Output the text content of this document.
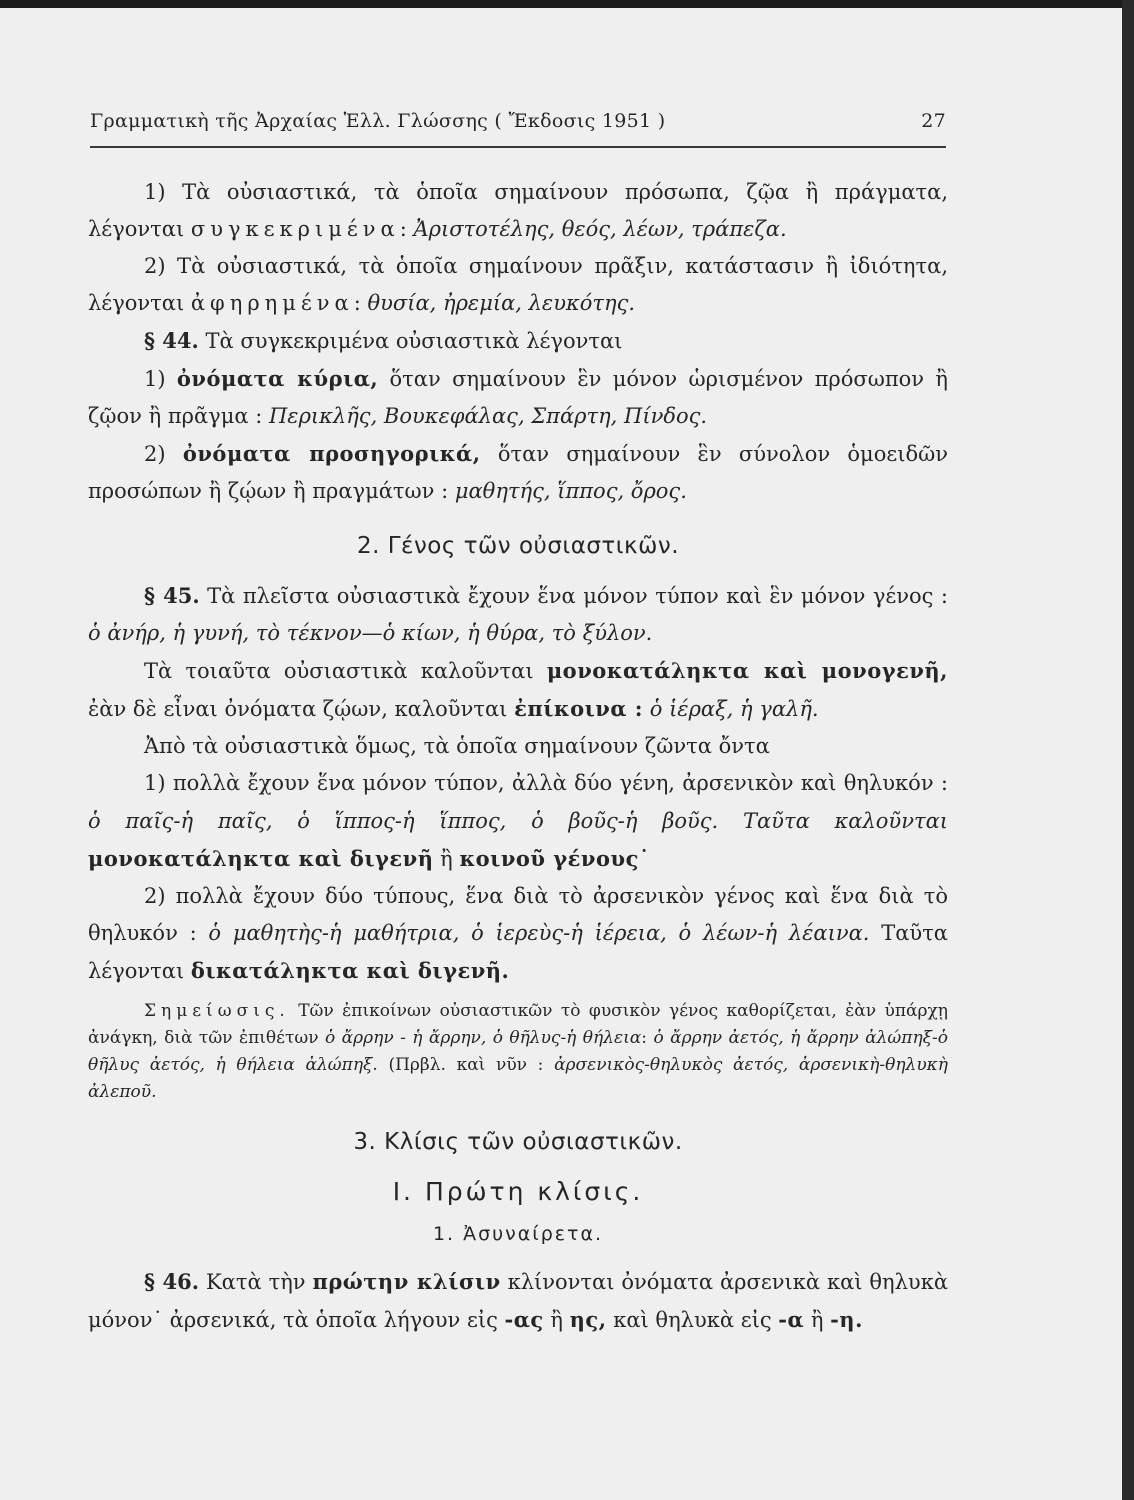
Γραμματικὴ τῆς Ἀρχαίας Ἑλλ. Γλώσσης ( Ἔκδοσις 1951 )	27

1) Τὰ οὐσιαστικά, τὰ ὁποῖα σημαίνουν πρόσωπα, ζῷα ἢ πράγματα, λέγονται συγκεκριμένα: Ἀριστοτέλης, θεός, λέων, τράπεζα.

2) Τὰ οὐσιαστικά, τὰ ὁποῖα σημαίνουν πρᾶξιν, κατάστασιν ἢ ἰδιότητα, λέγονται ἀφηρημένα: θυσία, ἠρεμία, λευκότης.

§ 44. Τὰ συγκεκριμένα οὐσιαστικὰ λέγονται

1) ὀνόματα κύρια, ὅταν σημαίνουν ἓν μόνον ὡρισμένον πρόσωπον ἢ ζῷον ἢ πρᾶγμα : Περικλῆς, Βουκεφάλας, Σπάρτη, Πίνδος.

2) ὀνόματα προσηγορικά, ὅταν σημαίνουν ἓν σύνολον ὁμοειδῶν προσώπων ἢ ζῴων ἢ πραγμάτων : μαθητής, ἵππος, ὄρος.

2. Γένος τῶν οὐσιαστικῶν.

§ 45. Τὰ πλεῖστα οὐσιαστικὰ ἔχουν ἕνα μόνον τύπον καὶ ἓν μόνον γένος : ὁ ἀνήρ, ἡ γυνή, τὸ τέκνον—ὁ κίων, ἡ θύρα, τὸ ξύλον.

Τὰ τοιαῦτα οὐσιαστικὰ καλοῦνται μονοκατάληκτα καὶ μονογενῆ, ἐὰν δὲ εἶναι ὀνόματα ζῴων, καλοῦνται ἐπίκοινα : ὁ ἱέραξ, ἡ γαλῆ.

Ἀπὸ τὰ οὐσιαστικὰ ὅμως, τὰ ὁποῖα σημαίνουν ζῶντα ὄντα

1) πολλὰ ἔχουν ἕνα μόνον τύπον, ἀλλὰ δύο γένη, ἀρσενικὸν καὶ θηλυκόν : ὁ παῖς-ἡ παῖς, ὁ ἵππος-ἡ ἵππος, ὁ βοῦς-ἡ βοῦς. Ταῦτα καλοῦνται μονοκατάληκτα καὶ διγενῆ ἢ κοινοῦ γένους˙

2) πολλὰ ἔχουν δύο τύπους, ἕνα διὰ τὸ ἀρσενικὸν γένος καὶ ἕνα διὰ τὸ θηλυκόν : ὁ μαθητὴς-ἡ μαθήτρια, ὁ ἱερεὺς-ἡ ἱέρεια, ὁ λέων-ἡ λέαινα. Ταῦτα λέγονται δικατάληκτα καὶ διγενῆ.

Σημείωσις. Τῶν ἐπικοίνων οὐσιαστικῶν τὸ φυσικὸν γένος καθορίζεται, ἐὰν ὑπάρχῃ ἀνάγκη, διὰ τῶν ἐπιθέτων ὁ ἄρρην - ἡ ἄρρην, ὁ θῆλυς-ἡ θήλεια: ὁ ἄρρην ἀετός, ἡ ἄρρην ἀλώπηξ-ὁ θῆλυς ἀετός, ἡ θήλεια ἀλώπηξ. (Πρβλ. καὶ νῦν : ἀρσενικὸς-θηλυκὸς ἀετός, ἀρσενικὴ-θηλυκὴ ἀλεποῦ.

3. Κλίσις τῶν οὐσιαστικῶν.
Ι. Πρώτη κλίσις.
1. Ἀσυναίρετα.

§ 46. Κατὰ τὴν πρώτην κλίσιν κλίνονται ὀνόματα ἀρσενικὰ καὶ θηλυκὰ μόνον˙ ἀρσενικά, τὰ ὁποῖα λήγουν εἰς -ας ἢ ης, καὶ θηλυκὰ εἰς -α ἢ -η.
